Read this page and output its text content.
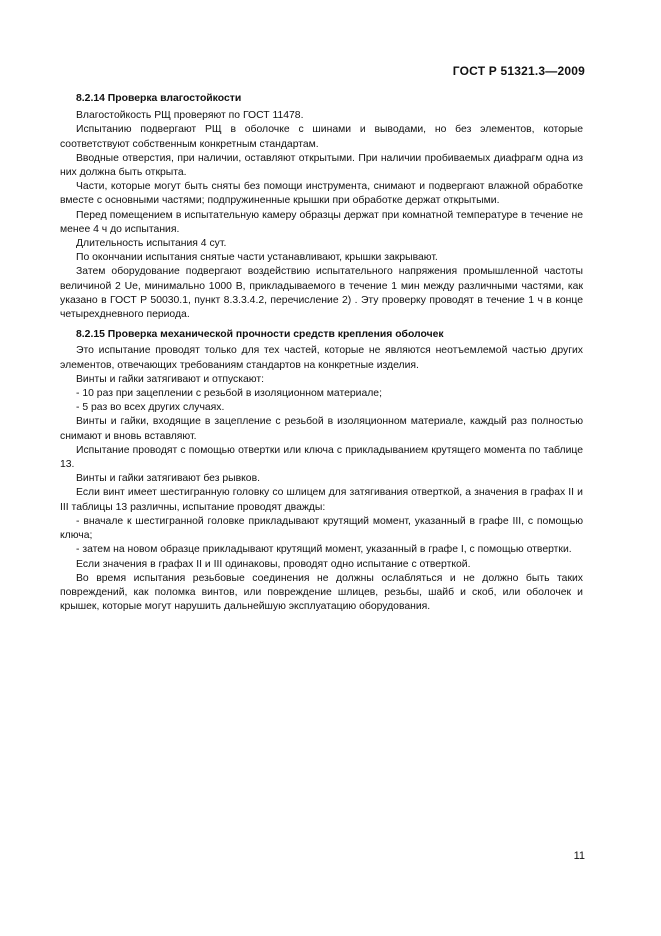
ГОСТ Р 51321.3—2009

8.2.14 Проверка влагостойкости

Влагостойкость РЩ проверяют по ГОСТ 11478.

Испытанию подвергают РЩ в оболочке с шинами и выводами, но без элементов, которые соответствуют собственным конкретным стандартам.

Вводные отверстия, при наличии, оставляют открытыми. При наличии пробиваемых диафрагм одна из них должна быть открыта.

Части, которые могут быть сняты без помощи инструмента, снимают и подвергают влажной обработке вместе с основными частями; подпружиненные крышки при обработке держат открытыми.

Перед помещением в испытательную камеру образцы держат при комнатной температуре в течение не менее 4 ч до испытания.

Длительность испытания 4 сут.

По окончании испытания снятые части устанавливают, крышки закрывают.

Затем оборудование подвергают воздействию испытательного напряжения промышленной частоты величиной 2 Uе, минимально 1000 В, прикладываемого в течение 1 мин между различными частями, как указано в ГОСТ Р 50030.1, пункт 8.3.3.4.2, перечисление 2) . Эту проверку проводят в течение 1 ч в конце четырехдневного периода.

8.2.15 Проверка механической прочности средств крепления оболочек

Это испытание проводят только для тех частей, которые не являются неотъемлемой частью других элементов, отвечающих требованиям стандартов на конкретные изделия.

Винты и гайки затягивают и отпускают:

- 10 раз при зацеплении с резьбой в изоляционном материале;

- 5 раз во всех других случаях.

Винты и гайки, входящие в зацепление с резьбой в изоляционном материале, каждый раз полностью снимают и вновь вставляют.

Испытание проводят с помощью отвертки или ключа с прикладыванием крутящего момента по таблице 13.

Винты и гайки затягивают без рывков.

Если винт имеет шестигранную головку со шлицем для затягивания отверткой, а значения в графах II и III таблицы 13 различны, испытание проводят дважды:

- вначале к шестигранной головке прикладывают крутящий момент, указанный в графе III, с помощью ключа;

- затем на новом образце прикладывают крутящий момент, указанный в графе I, с помощью отвертки.

Если значения в графах II и III одинаковы, проводят одно испытание с отверткой.

Во время испытания резьбовые соединения не должны ослабляться и не должно быть таких повреждений, как поломка винтов, или повреждение шлицев, резьбы, шайб и скоб, или оболочек и крышек, которые могут нарушить дальнейшую эксплуатацию оборудования.

11
